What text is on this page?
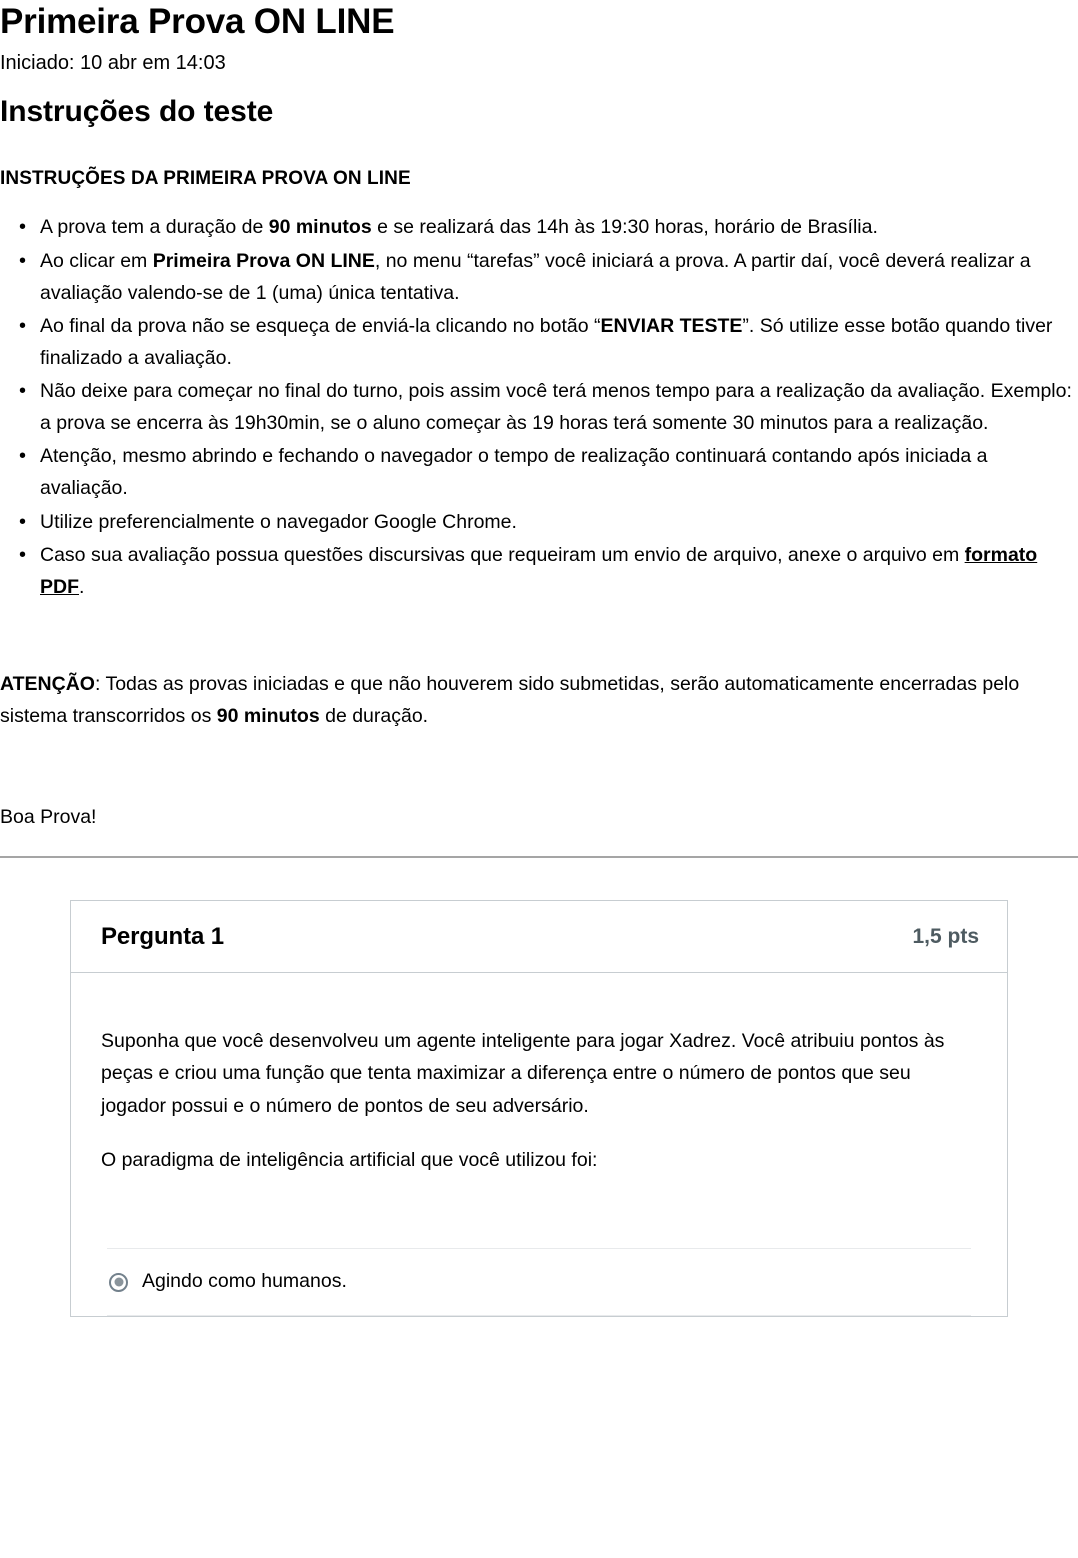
Primeira Prova ON LINE
Iniciado: 10 abr em 14:03
Instruções do teste
INSTRUÇÕES DA PRIMEIRA PROVA ON LINE
• A prova tem a duração de 90 minutos e se realizará das 14h às 19:30 horas, horário de Brasília.
• Ao clicar em Primeira Prova ON LINE, no menu “tarefas” você iniciará a prova. A partir daí, você deverá realizar a avaliação valendo-se de 1 (uma) única tentativa.
• Ao final da prova não se esqueça de enviá-la clicando no botão “ENVIAR TESTE”. Só utilize esse botão quando tiver finalizado a avaliação.
• Não deixe para começar no final do turno, pois assim você terá menos tempo para a realização da avaliação. Exemplo: a prova se encerra às 19h30min, se o aluno começar às 19 horas terá somente 30 minutos para a realização.
• Atenção, mesmo abrindo e fechando o navegador o tempo de realização continuará contando após iniciada a avaliação.
• Utilize preferencialmente o navegador Google Chrome.
• Caso sua avaliação possua questões discursivas que requeiram um envio de arquivo, anexe o arquivo em formato PDF.

ATENÇÃO: Todas as provas iniciadas e que não houverem sido submetidas, serão automaticamente encerradas pelo sistema transcorridos os 90 minutos de duração.

Boa Prova!

Pergunta 1	1,5 pts

Suponha que você desenvolveu um agente inteligente para jogar Xadrez. Você atribuiu pontos às peças e criou uma função que tenta maximizar a diferença entre o número de pontos que seu jogador possui e o número de pontos de seu adversário.

O paradigma de inteligência artificial que você utilizou foi:

Agindo como humanos.
